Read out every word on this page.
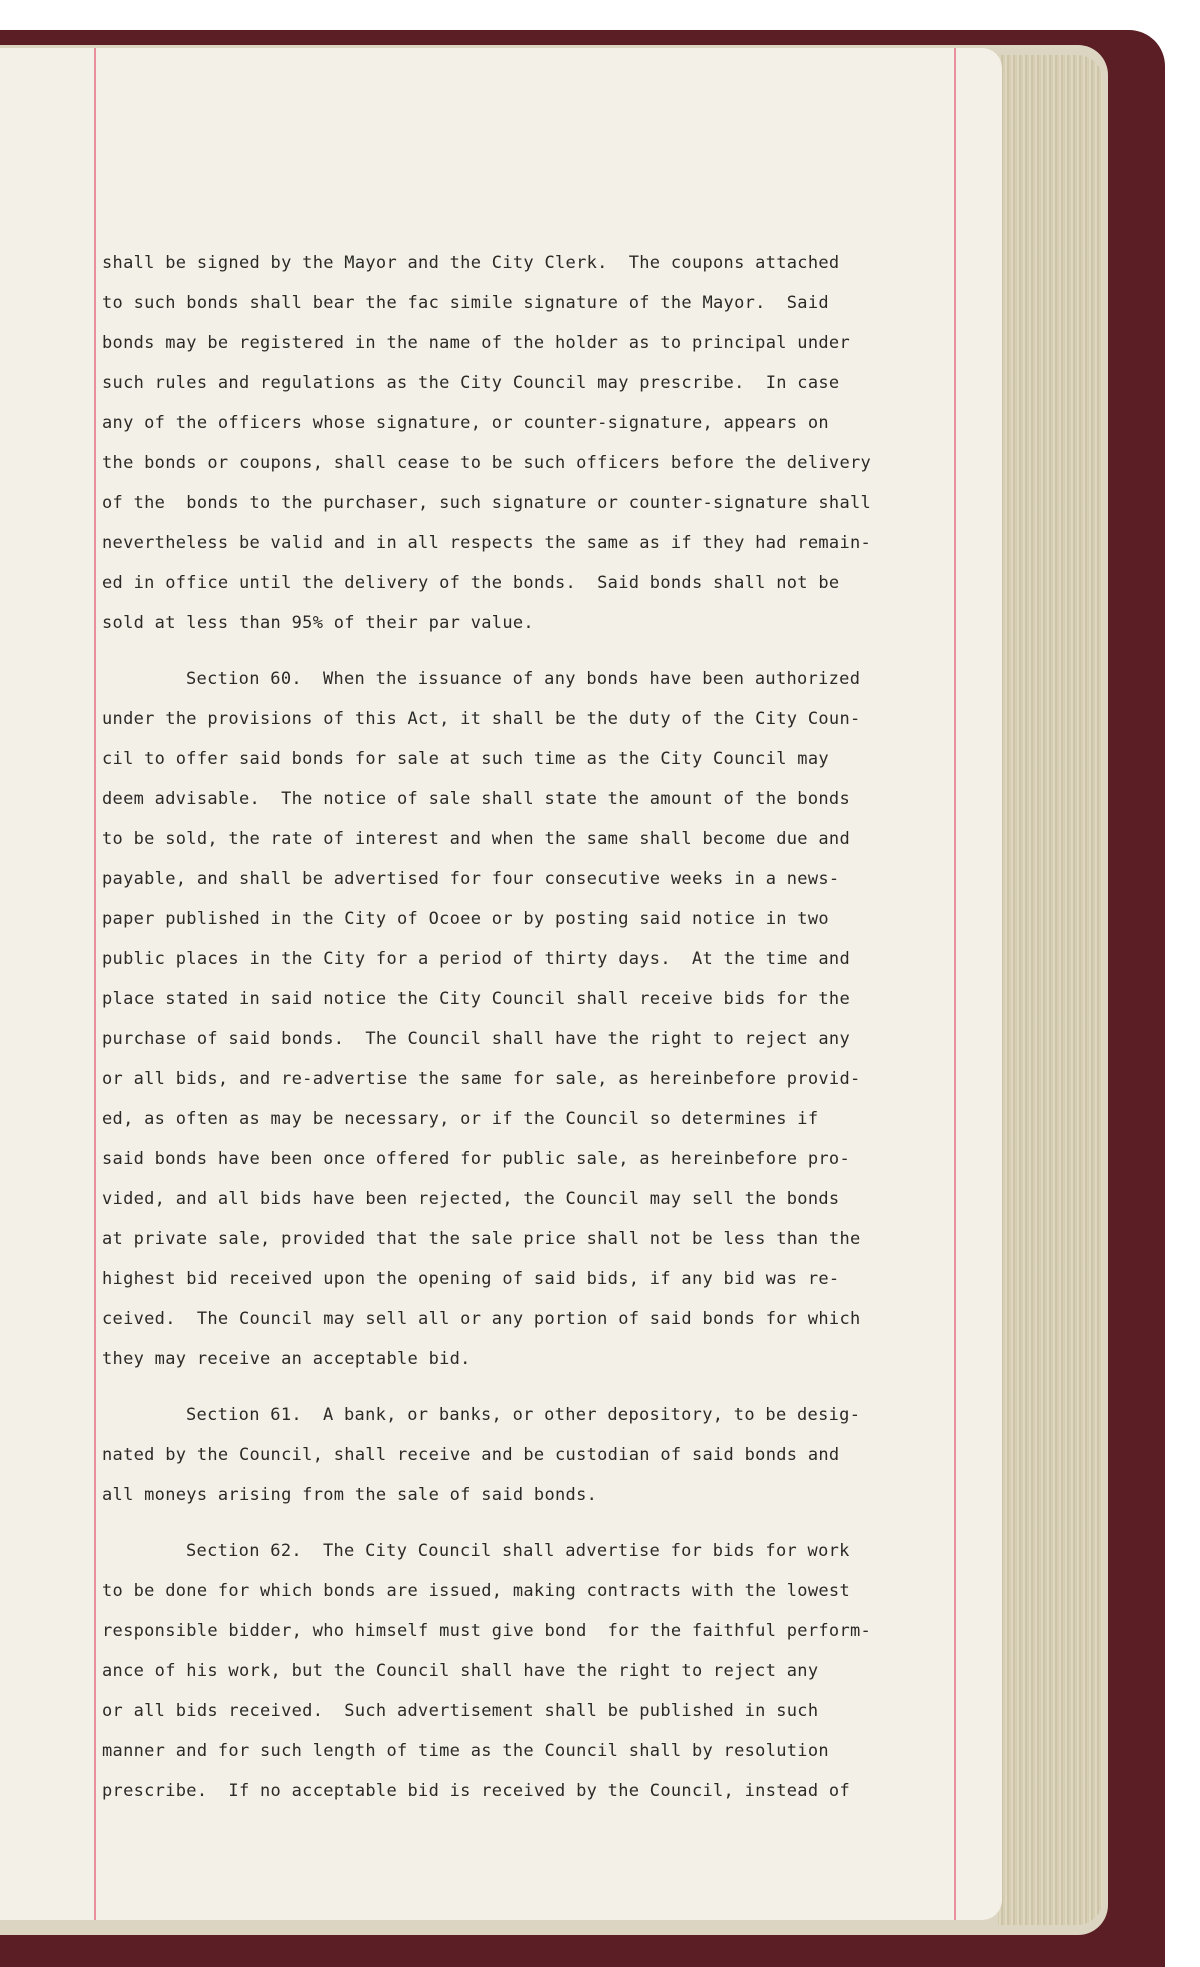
shall be signed by the Mayor and the City Clerk.  The coupons attached
to such bonds shall bear the fac simile signature of the Mayor.  Said
bonds may be registered in the name of the holder as to principal under
such rules and regulations as the City Council may prescribe.  In case
any of the officers whose signature, or counter-signature, appears on
the bonds or coupons, shall cease to be such officers before the delivery
of the  bonds to the purchaser, such signature or counter-signature shall
nevertheless be valid and in all respects the same as if they had remain-
ed in office until the delivery of the bonds.  Said bonds shall not be
sold at less than 95% of their par value.
Section 60.  When the issuance of any bonds have been authorized
under the provisions of this Act, it shall be the duty of the City Coun-
cil to offer said bonds for sale at such time as the City Council may
deem advisable.  The notice of sale shall state the amount of the bonds
to be sold, the rate of interest and when the same shall become due and
payable, and shall be advertised for four consecutive weeks in a news-
paper published in the City of Ocoee or by posting said notice in two
public places in the City for a period of thirty days.  At the time and
place stated in said notice the City Council shall receive bids for the
purchase of said bonds.  The Council shall have the right to reject any
or all bids, and re-advertise the same for sale, as hereinbefore provid-
ed, as often as may be necessary, or if the Council so determines if
said bonds have been once offered for public sale, as hereinbefore pro-
vided, and all bids have been rejected, the Council may sell the bonds
at private sale, provided that the sale price shall not be less than the
highest bid received upon the opening of said bids, if any bid was re-
ceived.  The Council may sell all or any portion of said bonds for which
they may receive an acceptable bid.
Section 61.  A bank, or banks, or other depository, to be desig-
nated by the Council, shall receive and be custodian of said bonds and
all moneys arising from the sale of said bonds.
Section 62.  The City Council shall advertise for bids for work
to be done for which bonds are issued, making contracts with the lowest
responsible bidder, who himself must give bond  for the faithful perform-
ance of his work, but the Council shall have the right to reject any
or all bids received.  Such advertisement shall be published in such
manner and for such length of time as the Council shall by resolution
prescribe.  If no acceptable bid is received by the Council, instead of
